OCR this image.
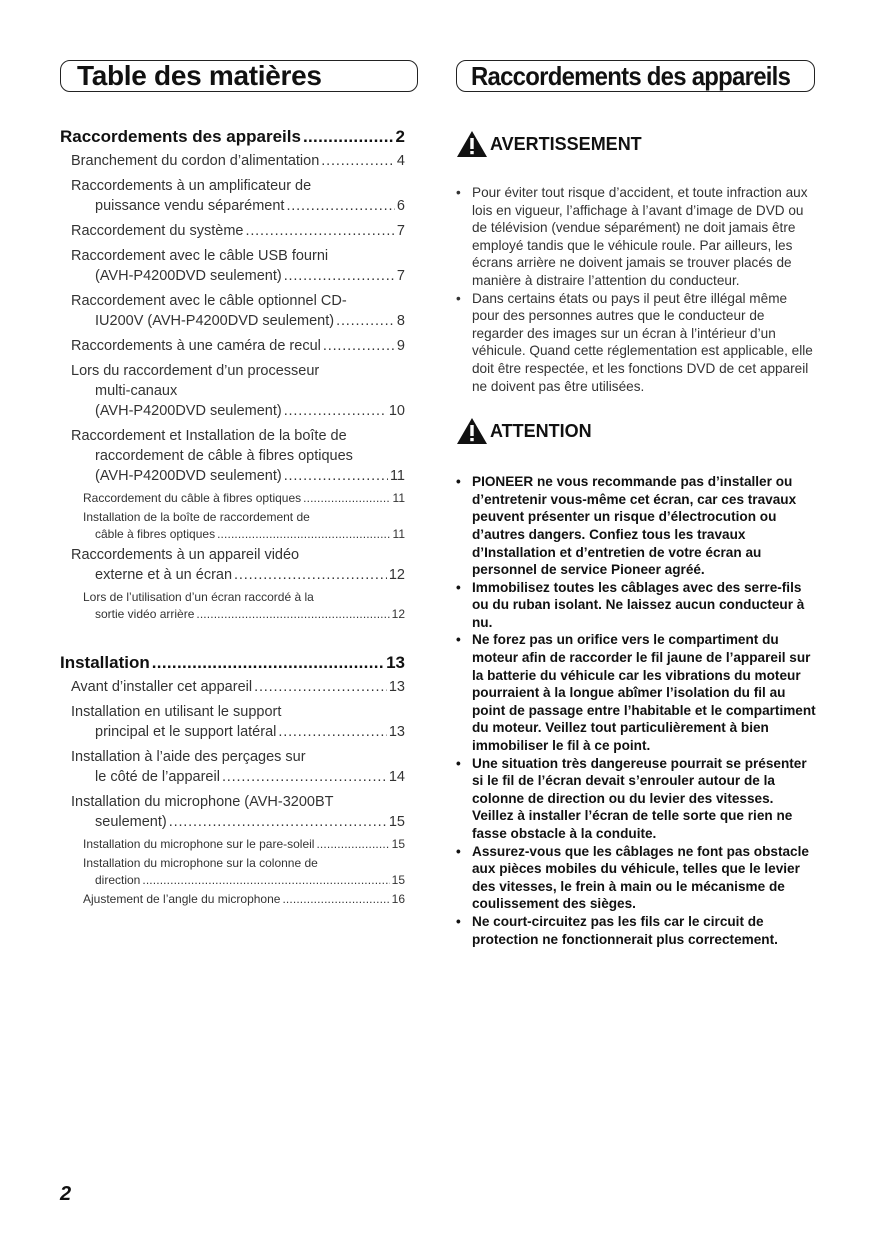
Table des matières	Raccordements des appareils
Raccordements des appareils . . .	2
Branchement du cordon d’alimentation . . .	4
Raccordements à un amplificateur de
puissance vendu séparément . . .	6
Raccordement du système . . .	7
Raccordement avec le câble USB fourni
(AVH-P4200DVD seulement) . . .	7
Raccordement avec le câble optionnel CD-
IU200V (AVH-P4200DVD seulement) . . .	8
Raccordements à une caméra de recul . . .	9
Lors du raccordement d’un processeur
multi-canaux
(AVH-P4200DVD seulement) . . .	10
Raccordement et Installation de la boîte de
raccordement de câble à fibres optiques
(AVH-P4200DVD seulement) . . .	11
Raccordement du câble à fibres optiques . . .	11
Installation de la boîte de raccordement de
câble à fibres optiques . . .	11
Raccordements à un appareil vidéo
externe et à un écran . . .	12
Lors de l’utilisation d’un écran raccordé à la
sortie vidéo arrière . . .	12
Installation . . .	13
Avant d’installer cet appareil . . .	13
Installation en utilisant le support
principal et le support latéral . . .	13
Installation à l’aide des perçages sur
le côté de l’appareil . . .	14
Installation du microphone (AVH-3200BT
seulement) . . .	15
Installation du microphone sur le pare-soleil . . .	15
Installation du microphone sur la colonne de
direction . . .	15
Ajustement de l’angle du microphone . . .	16
AVERTISSEMENT
• Pour éviter tout risque d’accident, et toute infraction aux lois en vigueur, l’affichage à l’avant d’image de DVD ou de télévision (vendue séparément) ne doit jamais être employé tandis que le véhicule roule. Par ailleurs, les écrans arrière ne doivent jamais se trouver placés de manière à distraire l’attention du conducteur.
• Dans certains états ou pays il peut être illégal même pour des personnes autres que le conducteur de regarder des images sur un écran à l’intérieur d’un véhicule. Quand cette réglementation est applicable, elle doit être respectée, et les fonctions DVD de cet appareil ne doivent pas être utilisées.
ATTENTION
• PIONEER ne vous recommande pas d’installer ou d’entretenir vous-même cet écran, car ces travaux peuvent présenter un risque d’électrocution ou d’autres dangers. Confiez tous les travaux d’Installation et d’entretien de votre écran au personnel de service Pioneer agréé.
• Immobilisez toutes les câblages avec des serre-fils ou du ruban isolant. Ne laissez aucun conducteur à nu.
• Ne forez pas un orifice vers le compartiment du moteur afin de raccorder le fil jaune de l’appareil sur la batterie du véhicule car les vibrations du moteur pourraient à la longue abîmer l’isolation du fil au point de passage entre l’habitable et le compartiment du moteur. Veillez tout particulièrement à bien immobiliser le fil à ce point.
• Une situation très dangereuse pourrait se présenter si le fil de l’écran devait s’enrouler autour de la colonne de direction ou du levier des vitesses. Veillez à installer l’écran de telle sorte que rien ne fasse obstacle à la conduite.
• Assurez-vous que les câblages ne font pas obstacle aux pièces mobiles du véhicule, telles que le levier des vitesses, le frein à main ou le mécanisme de coulissement des sièges.
• Ne court-circuitez pas les fils car le circuit de protection ne fonctionnerait plus correctement.
2
